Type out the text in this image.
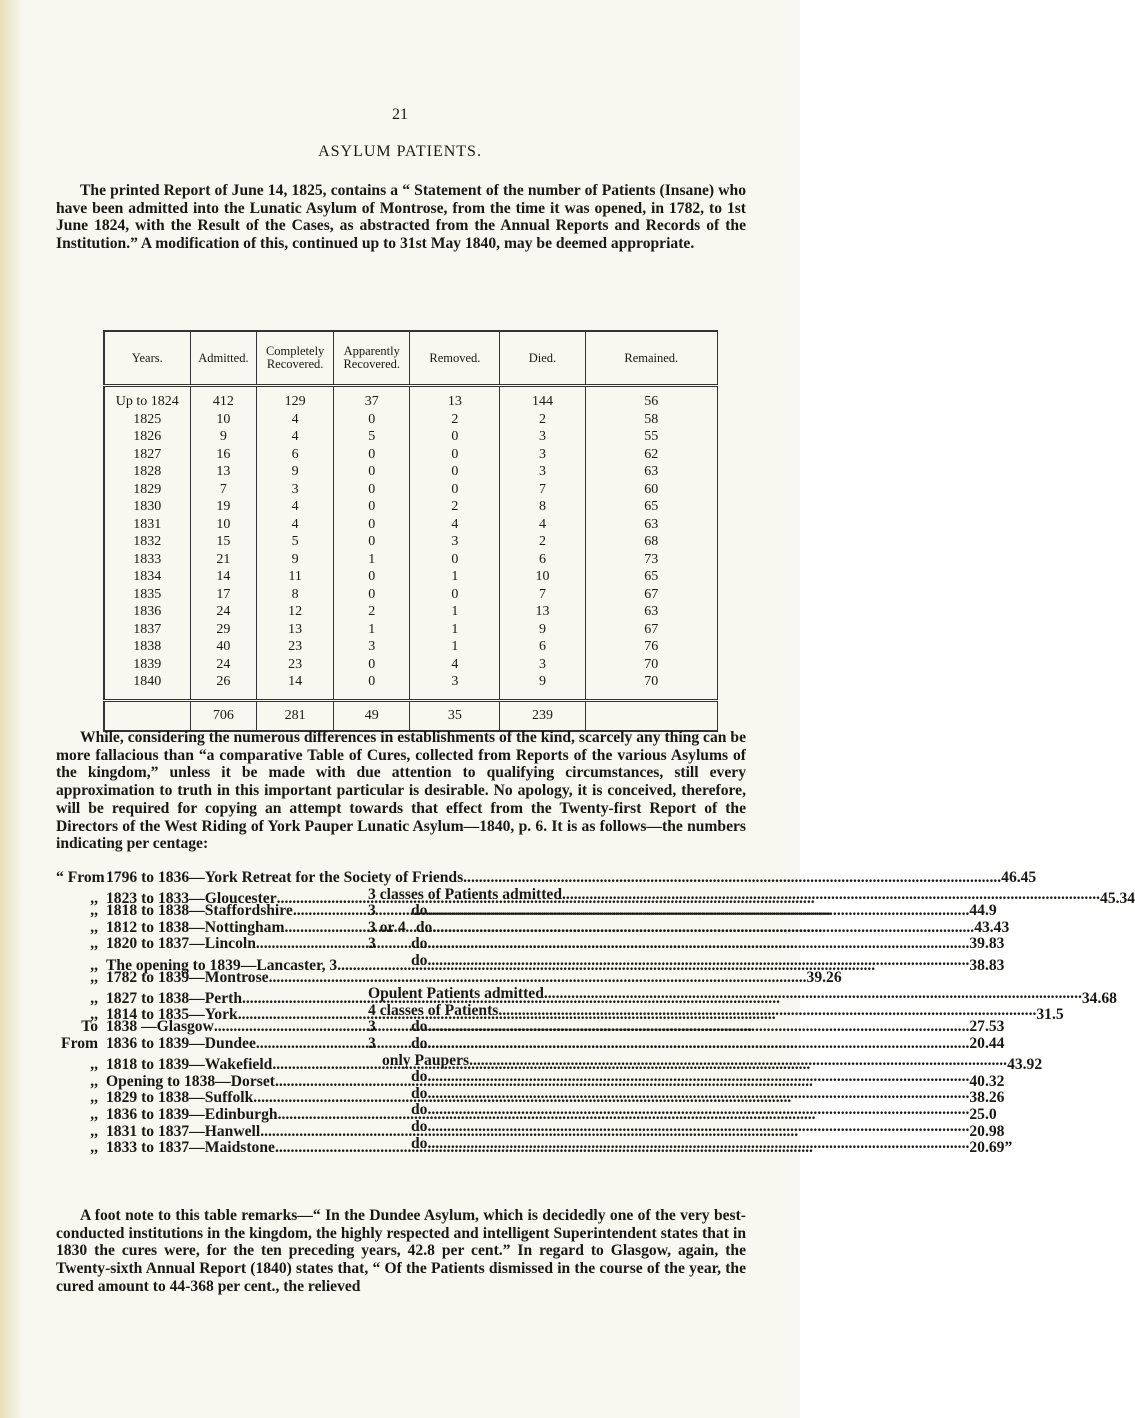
21
ASYLUM PATIENTS.

The printed Report of June 14, 1825, contains a “ Statement of the number of Patients (Insane) who have been admitted into the Lunatic Asylum of Montrose, from the time it was opened, in 1782, to 1st June 1824, with the Result of the Cases, as abstracted from the Annual Reports and Records of the Institution.” A modification of this, continued up to 31st May 1840, may be deemed appropriate.

Years.	Admitted.	Completely Recovered.	Apparently Recovered.	Removed.	Died.	Remained.
Up to 1824	412	129	37	13	144	56
1825	10	4	0	2	2	58
1826	9	4	5	0	3	55
1827	16	6	0	0	3	62
1828	13	9	0	0	3	63
1829	7	3	0	0	7	60
1830	19	4	0	2	8	65
1831	10	4	0	4	4	63
1832	15	5	0	3	2	68
1833	21	9	1	0	6	73
1834	14	11	0	1	10	65
1835	17	8	0	0	7	67
1836	24	12	2	1	13	63
1837	29	13	1	1	9	67
1838	40	23	3	1	6	76
1839	24	23	0	4	3	70
1840	26	14	0	3	9	70
	706	281	49	35	239	

While, considering the numerous differences in establishments of the kind, scarcely any thing can be more fallacious than “a comparative Table of Cures, collected from Reports of the various Asylums of the kingdom,” unless it be made with due attention to qualifying circumstances, still every approximation to truth in this important particular is desirable. No apology, it is conceived, therefore, will be required for copying an attempt towards that effect from the Twenty-first Report of the Directors of the West Riding of York Pauper Lunatic Asylum—1840, p. 6. It is as follows—the numbers indicating per centage:

“ From 1796 to 1836—York Retreat for the Society of Friends .....	46.45
,, 1823 to 1833—Gloucester .....	3 classes of Patients admitted .....	45.34
,, 1818 to 1838—Staffordshire .....	3	do. .....	44.9
,, 1812 to 1838—Nottingham .....	3 or 4 do. .....	43.43
,, 1820 to 1837—Lincoln .....	3	do. .....	39.83
,, The opening to 1839—Lancaster, 3 .....	do. .....	38.83
,, 1782 to 1839—Montrose .....	39.26
,, 1827 to 1838—Perth .....	Opulent Patients admitted .....	34.68
,, 1814 to 1835—York .....	4 classes of Patients .....	31.5
To 1838 —Glasgow .....	3	do. .....	27.53
From 1836 to 1839—Dundee .....	3	do. .....	20.44
,, 1818 to 1839—Wakefield .....	only Paupers .....	43.92
,, Opening to 1838—Dorset .....	do. .....	40.32
,, 1829 to 1838—Suffolk .....	do. .....	38.26
,, 1836 to 1839—Edinburgh .....	do. .....	25.0
,, 1831 to 1837—Hanwell .....	do. .....	20.98
,, 1833 to 1837—Maidstone .....	do. .....	20.69”

A foot note to this table remarks—“ In the Dundee Asylum, which is decidedly one of the very best-conducted institutions in the kingdom, the highly respected and intelligent Superintendent states that in 1830 the cures were, for the ten preceding years, 42.8 per cent.” In regard to Glasgow, again, the Twenty-sixth Annual Report (1840) states that, “ Of the Patients dismissed in the course of the year, the cured amount to 44-368 per cent., the relieved
